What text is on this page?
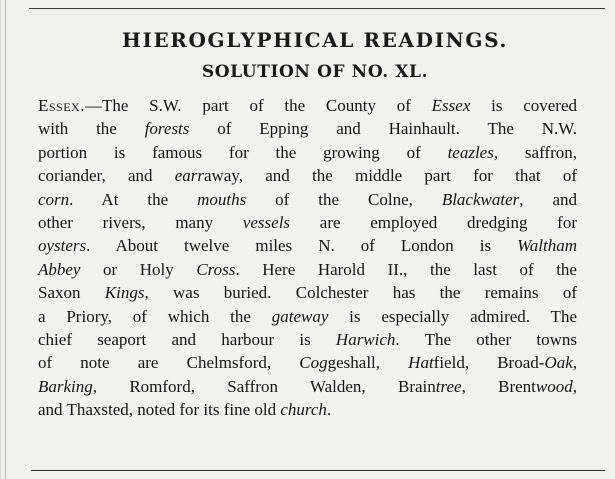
HIEROGLYPHICAL READINGS.
SOLUTION OF NO. XL.
Essex.—The S.W. part of the County of Essex is covered
with the forests of Epping and Hainhault. The N.W.
portion is famous for the growing of teazles, saffron,
coriander, and earraway, and the middle part for that of
corn. At the mouths of the Colne, Blackwater, and
other rivers, many vessels are employed dredging for
oysters. About twelve miles N. of London is Waltham
Abbey or Holy Cross. Here Harold II., the last of the
Saxon Kings, was buried. Colchester has the remains of
a Priory, of which the gateway is especially admired. The
chief seaport and harbour is Harwich. The other towns
of note are Chelmsford, Coggeshall, Hatfield, Broad-Oak,
Barking, Romford, Saffron Walden, Braintree, Brentwood,
and Thaxsted, noted for its fine old church.
